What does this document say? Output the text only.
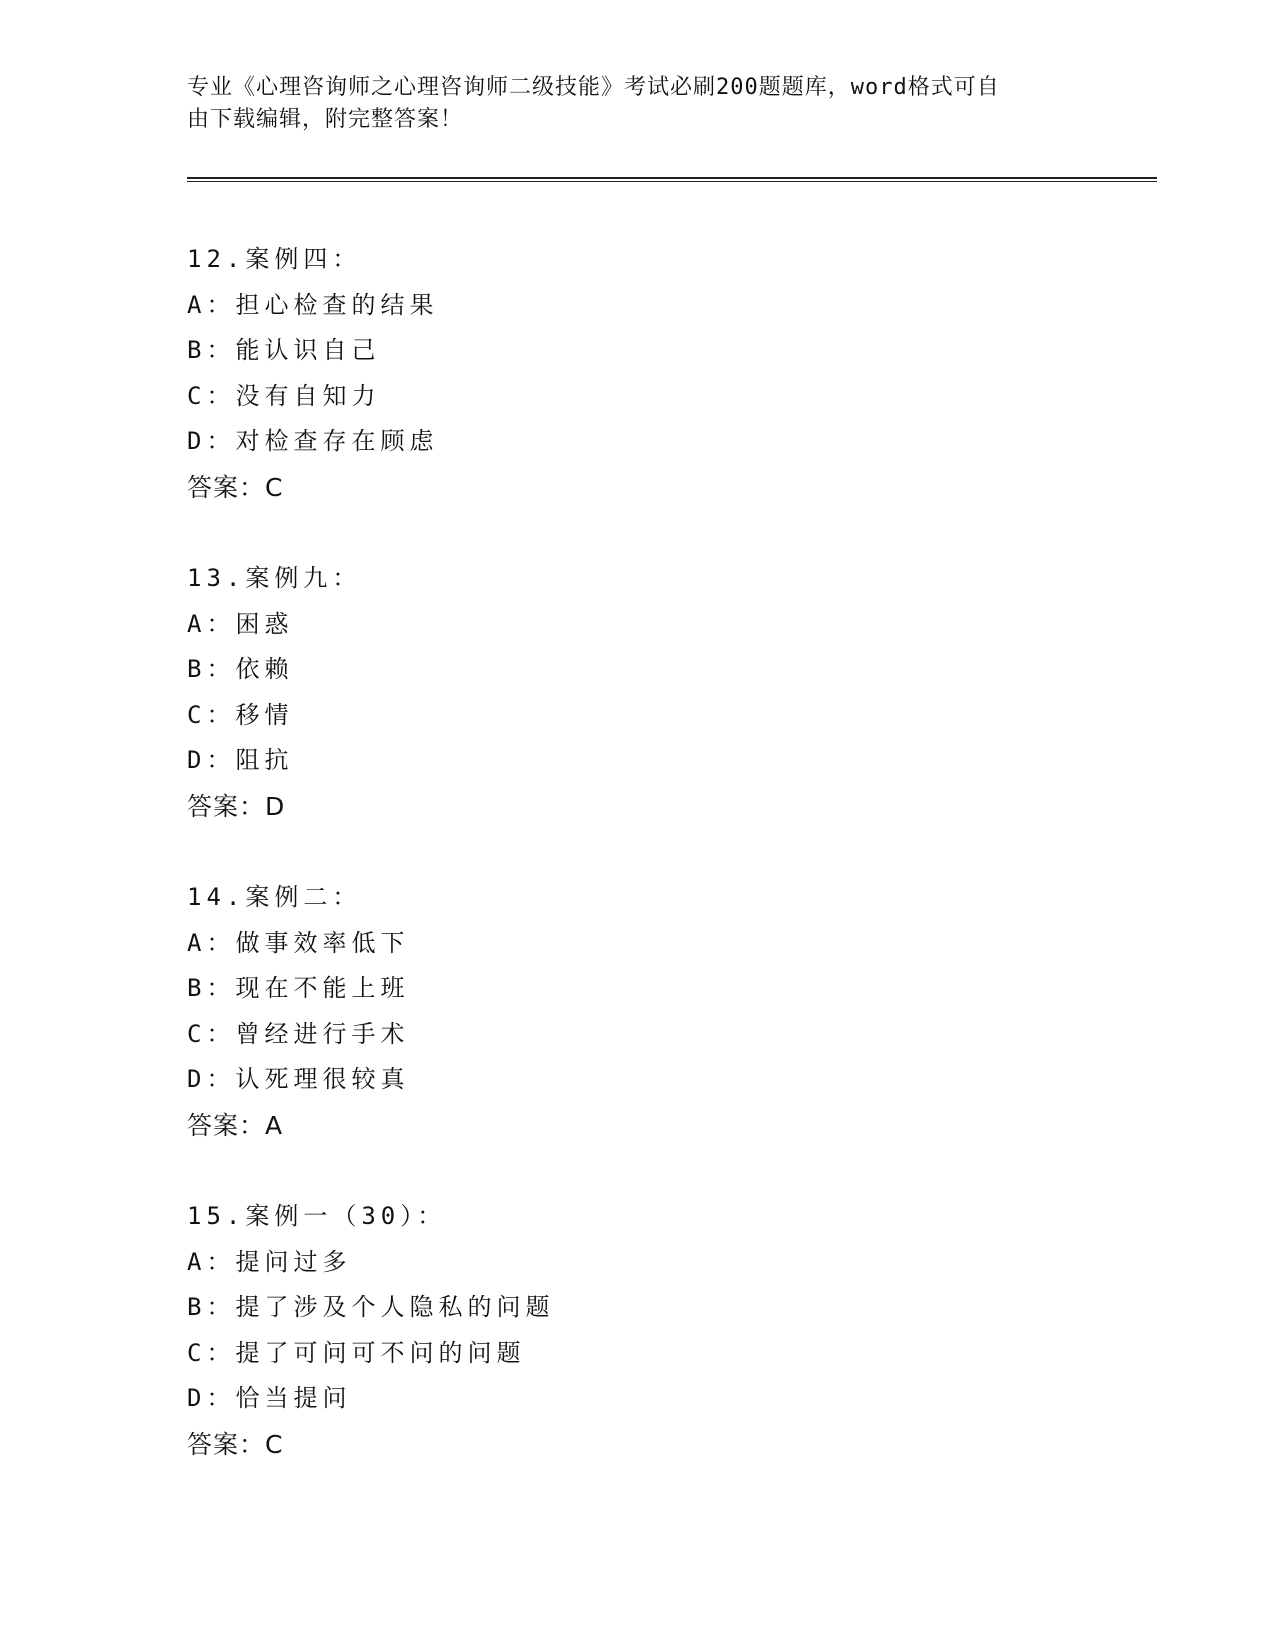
专业《心理咨询师之心理咨询师二级技能》考试必刷200题题库，word格式可自
由下载编辑，附完整答案！
12.案例四：
A：担心检查的结果
B：能认识自己
C：没有自知力
D：对检查存在顾虑
答案：C
13.案例九：
A：困惑
B：依赖
C：移情
D：阻抗
答案：D
14.案例二：
A：做事效率低下
B：现在不能上班
C：曾经进行手术
D：认死理很较真
答案：A
15.案例一（30）：
A：提问过多
B：提了涉及个人隐私的问题
C：提了可问可不问的问题
D：恰当提问
答案：C
